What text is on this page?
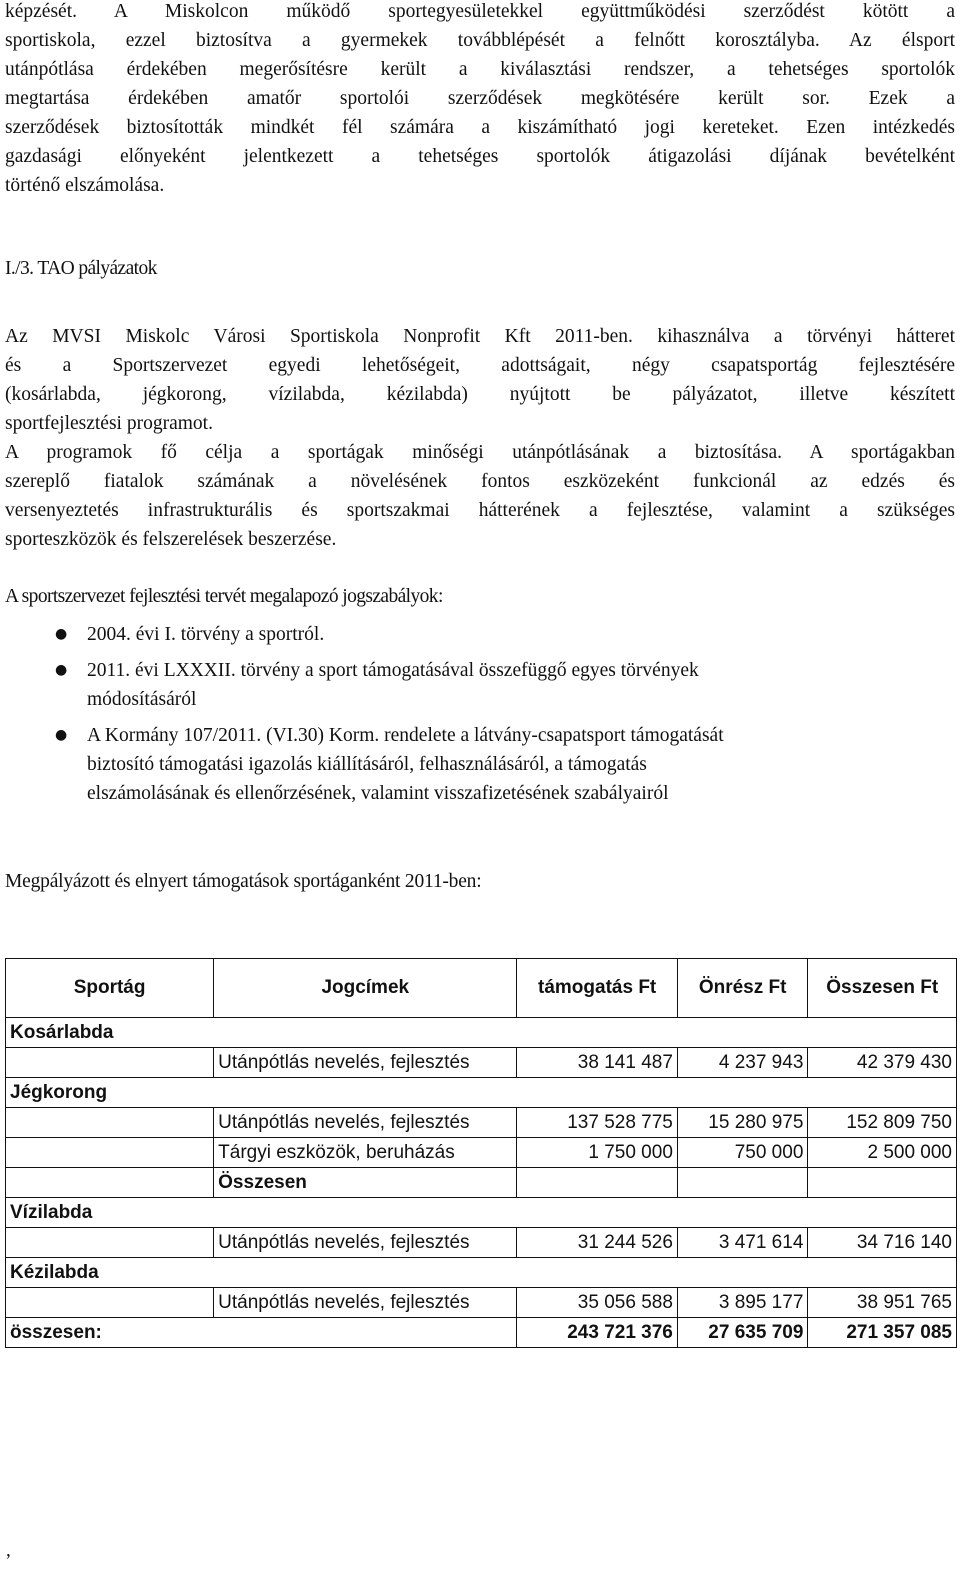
képzését. A Miskolcon működő sportegyesületekkel együttműködési szerződést kötött a
sportiskola, ezzel biztosítva a gyermekek továbblépését a felnőtt korosztályba. Az élsport
utánpótlása érdekében megerősítésre került a kiválasztási rendszer, a tehetséges sportolók
megtartása érdekében amatőr sportolói szerződések megkötésére került sor. Ezek a
szerződések biztosították mindkét fél számára a kiszámítható jogi kereteket. Ezen intézkedés
gazdasági előnyeként jelentkezett a tehetséges sportolók átigazolási díjának bevételként
történő elszámolása.

I./3. TAO pályázatok

Az MVSI Miskolc Városi Sportiskola Nonprofit Kft 2011-ben. kihasználva a törvényi hátteret
és a Sportszervezet egyedi lehetőségeit, adottságait, négy csapatsportág fejlesztésére
(kosárlabda, jégkorong, vízilabda, kézilabda) nyújtott be pályázatot, illetve készített
sportfejlesztési programot.

A programok fő célja a sportágak minőségi utánpótlásának a biztosítása. A sportágakban
szereplő fiatalok számának a növelésének fontos eszközeként funkcionál az edzés és
versenyeztetés infrastrukturális és sportszakmai hátterének a fejlesztése, valamint a szükséges
sporteszközök és felszerelések beszerzése.

A sportszervezet fejlesztési tervét megalapozó jogszabályok:
● 2004. évi I. törvény a sportról.
● 2011. évi LXXXII. törvény a sport támogatásával összefüggő egyes törvények
módosításáról
● A Kormány 107/2011. (VI.30) Korm. rendelete a látvány-csapatsport támogatását
biztosító támogatási igazolás kiállításáról, felhasználásáról, a támogatás
elszámolásának és ellenőrzésének, valamint visszafizetésének szabályairól
Megpályázott és elnyert támogatások sportáganként 2011-ben:
Sportág	Jogcímek	támogatás Ft	Önrész Ft	Összesen Ft
Kosárlabda				
	Utánpótlás nevelés, fejlesztés	38 141 487	4 237 943	42 379 430
Jégkorong				
	Utánpótlás nevelés, fejlesztés	137 528 775	15 280 975	152 809 750
	Tárgyi eszközök, beruházás	1 750 000	750 000	2 500 000
	Összesen			
Vízilabda				
	Utánpótlás nevelés, fejlesztés	31 244 526	3 471 614	34 716 140
Kézilabda				
	Utánpótlás nevelés, fejlesztés	35 056 588	3 895 177	38 951 765
összesen:		243 721 376	27 635 709	271 357 085
,
